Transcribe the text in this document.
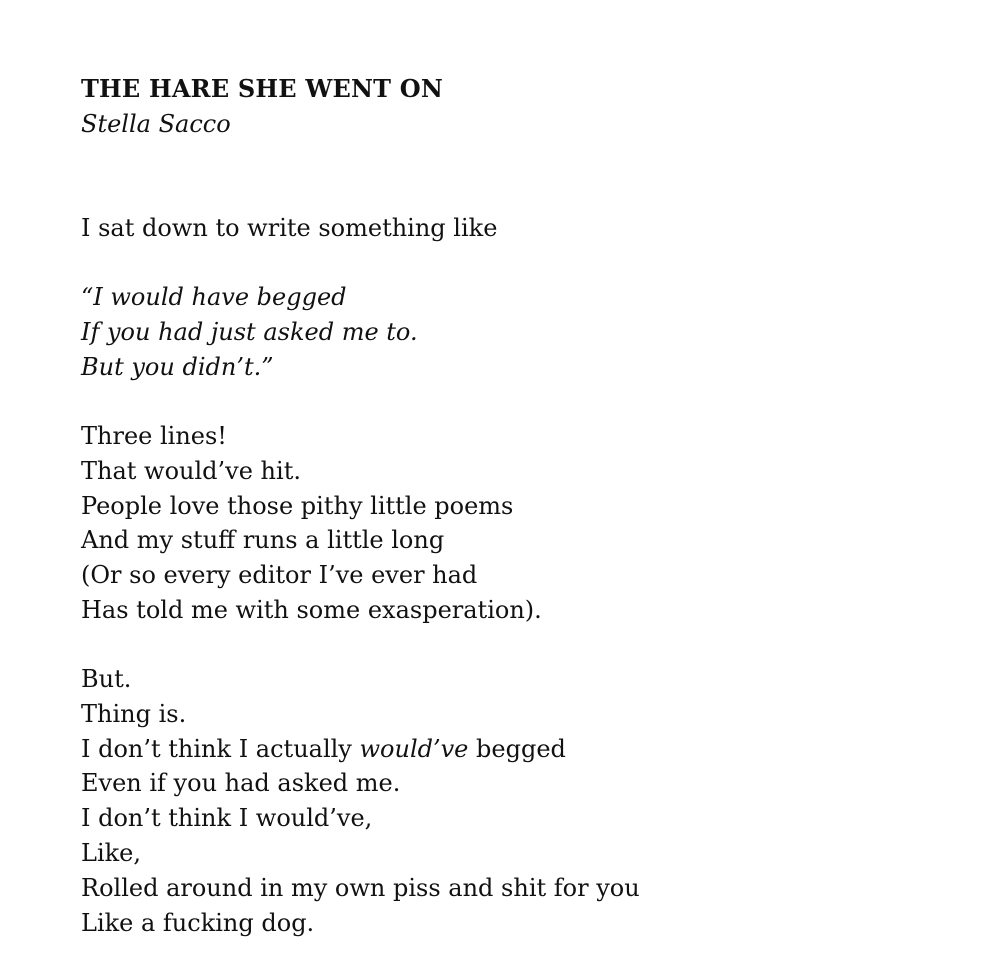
THE HARE SHE WENT ON
Stella Sacco
I sat down to write something like
“I would have begged
If you had just asked me to.
But you didn’t.”
Three lines!
That would’ve hit.
People love those pithy little poems
And my stuff runs a little long
(Or so every editor I’ve ever had
Has told me with some exasperation).
But.
Thing is.
I don’t think I actually would’ve begged
Even if you had asked me.
I don’t think I would’ve,
Like,
Rolled around in my own piss and shit for you
Like a fucking dog.
